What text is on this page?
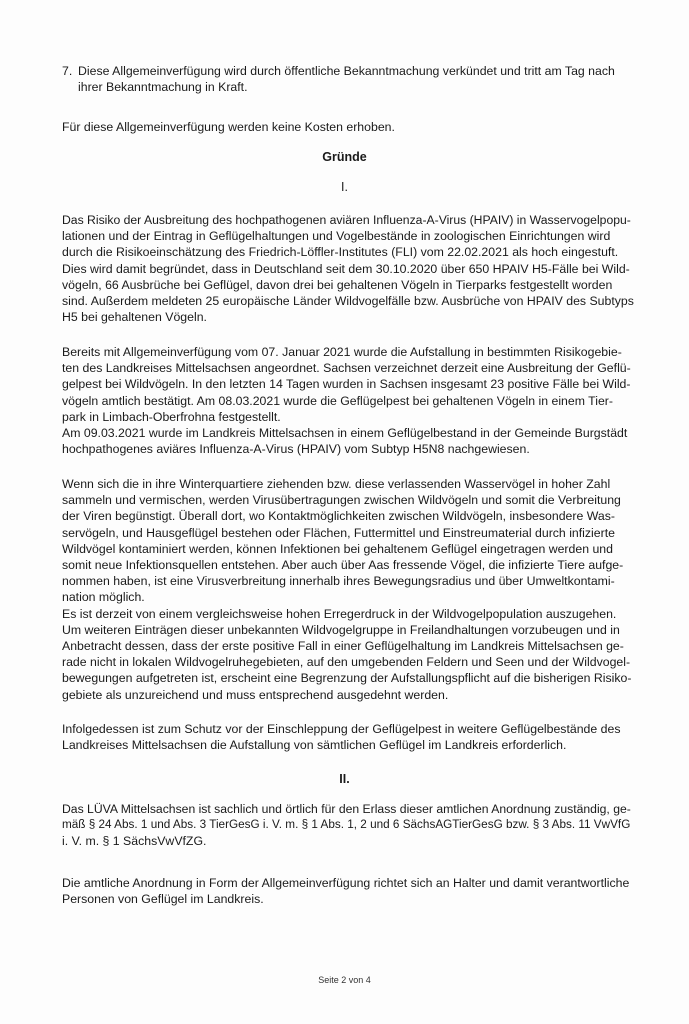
7. Diese Allgemeinverfügung wird durch öffentliche Bekanntmachung verkündet und tritt am Tag nach
ihrer Bekanntmachung in Kraft.

Für diese Allgemeinverfügung werden keine Kosten erhoben.

Gründe

I.

Das Risiko der Ausbreitung des hochpathogenen aviären Influenza-A-Virus (HPAIV) in Wasservogelpopu-
lationen und der Eintrag in Geflügelhaltungen und Vogelbestände in zoologischen Einrichtungen wird
durch die Risikoeinschätzung des Friedrich-Löffler-Institutes (FLI) vom 22.02.2021 als hoch eingestuft.
Dies wird damit begründet, dass in Deutschland seit dem 30.10.2020 über 650 HPAIV H5-Fälle bei Wild-
vögeln, 66 Ausbrüche bei Geflügel, davon drei bei gehaltenen Vögeln in Tierparks festgestellt worden
sind. Außerdem meldeten 25 europäische Länder Wildvogelfälle bzw. Ausbrüche von HPAIV des Subtyps
H5 bei gehaltenen Vögeln.
Bereits mit Allgemeinverfügung vom 07. Januar 2021 wurde die Aufstallung in bestimmten Risikogebie-
ten des Landkreises Mittelsachsen angeordnet. Sachsen verzeichnet derzeit eine Ausbreitung der Geflü-
gelpest bei Wildvögeln. In den letzten 14 Tagen wurden in Sachsen insgesamt 23 positive Fälle bei Wild-
vögeln amtlich bestätigt. Am 08.03.2021 wurde die Geflügelpest bei gehaltenen Vögeln in einem Tier-
park in Limbach-Oberfrohna festgestellt.
Am 09.03.2021 wurde im Landkreis Mittelsachsen in einem Geflügelbestand in der Gemeinde Burgstädt
hochpathogenes aviäres Influenza-A-Virus (HPAIV) vom Subtyp H5N8 nachgewiesen.
Wenn sich die in ihre Winterquartiere ziehenden bzw. diese verlassenden Wasservögel in hoher Zahl
sammeln und vermischen, werden Virusübertragungen zwischen Wildvögeln und somit die Verbreitung
der Viren begünstigt. Überall dort, wo Kontaktmöglichkeiten zwischen Wildvögeln, insbesondere Was-
servögeln, und Hausgeflügel bestehen oder Flächen, Futtermittel und Einstreumaterial durch infizierte
Wildvögel kontaminiert werden, können Infektionen bei gehaltenem Geflügel eingetragen werden und
somit neue Infektionsquellen entstehen. Aber auch über Aas fressende Vögel, die infizierte Tiere aufge-
nommen haben, ist eine Virusverbreitung innerhalb ihres Bewegungsradius und über Umweltkontami-
nation möglich.
Es ist derzeit von einem vergleichsweise hohen Erregerdruck in der Wildvogelpopulation auszugehen.
Um weiteren Einträgen dieser unbekannten Wildvogelgruppe in Freilandhaltungen vorzubeugen und in
Anbetracht dessen, dass der erste positive Fall in einer Geflügelhaltung im Landkreis Mittelsachsen ge-
rade nicht in lokalen Wildvogelruhegebieten, auf den umgebenden Feldern und Seen und der Wildvogel-
bewegungen aufgetreten ist, erscheint eine Begrenzung der Aufstallungspflicht auf die bisherigen Risiko-
gebiete als unzureichend und muss entsprechend ausgedehnt werden.
Infolgedessen ist zum Schutz vor der Einschleppung der Geflügelpest in weitere Geflügelbestände des
Landkreises Mittelsachsen die Aufstallung von sämtlichen Geflügel im Landkreis erforderlich.

II.

Das LÜVA Mittelsachsen ist sachlich und örtlich für den Erlass dieser amtlichen Anordnung zuständig, ge-
mäß § 24 Abs. 1 und Abs. 3 TierGesG i. V. m. § 1 Abs. 1, 2 und 6 SächsAGTierGesG bzw. § 3 Abs. 11 VwVfG
i. V. m. § 1 SächsVwVfZG.
Die amtliche Anordnung in Form der Allgemeinverfügung richtet sich an Halter und damit verantwortliche
Personen von Geflügel im Landkreis.
Seite 2 von 4
